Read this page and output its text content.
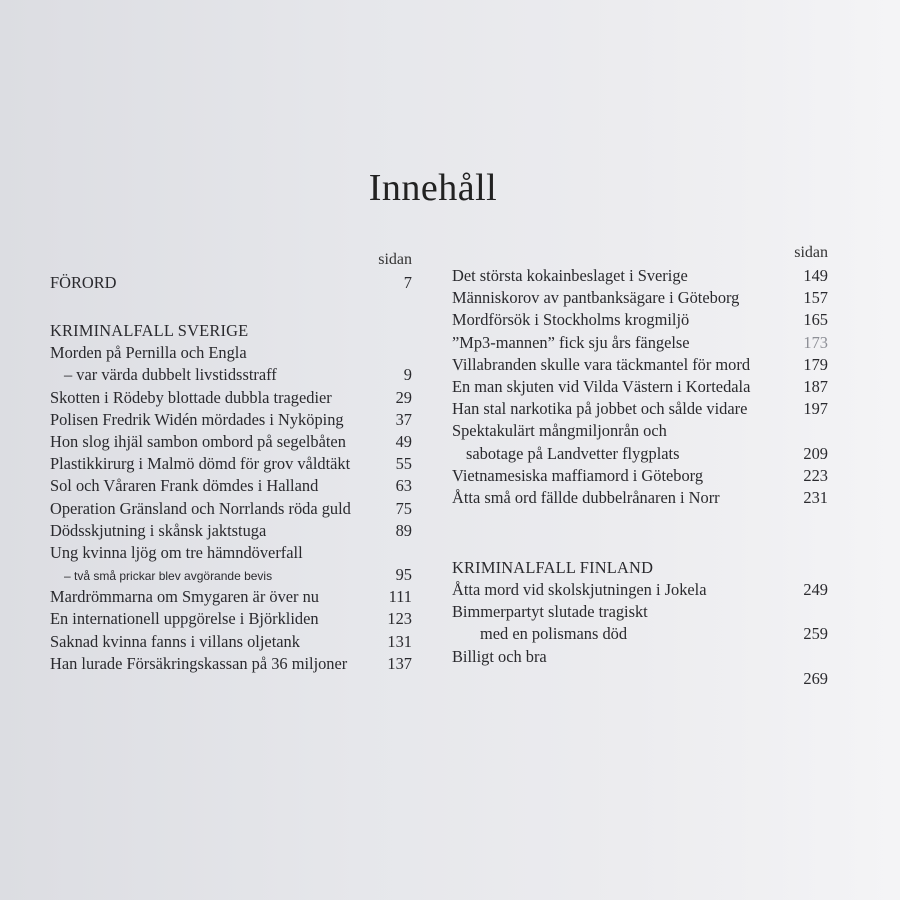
Innehåll
sidan
FÖRORD	7
KRIMINALFALL SVERIGE
Morden på Pernilla och Engla
– var värda dubbelt livstidsstraff	9
Skotten i Rödeby blottade dubbla tragedier	29
Polisen Fredrik Widén mördades i Nyköping	37
Hon slog ihjäl sambon ombord på segelbåten	49
Plastikkirurg i Malmö dömd för grov våldtäkt	55
Sol och Våraren Frank dömdes i Halland	63
Operation Gränsland och Norrlands röda guld	75
Dödsskjutning i skånsk jaktstuga	89
Ung kvinna ljög om tre hämndöverfall
– två små prickar blev avgörande bevis	95
Mardrömmarna om Smygaren är över nu	111
En internationell uppgörelse i Björkliden	123
Saknad kvinna fanns i villans oljetank	131
Han lurade Försäkringskassan på 36 miljoner	137
sidan
Det största kokainbeslaget i Sverige	149
Människorov av pantbanksägare i Göteborg	157
Mordförsök i Stockholms krogmiljö	165
”Mp3-mannen” fick sju års fängelse	173
Villabranden skulle vara täckmantel för mord	179
En man skjuten vid Vilda Västern i Kortedala	187
Han stal narkotika på jobbet och sålde vidare	197
Spektakulärt mångmiljonrån och
sabotage på Landvetter flygplats	209
Vietnamesiska maffiamord i Göteborg	223
Åtta små ord fällde dubbelrånaren i Norr	231
KRIMINALFALL FINLAND
Åtta mord vid skolskjutningen i Jokela	249
Bimmerpartyt slutade tragiskt
med en polismans död	259
Billigt och bra
269
